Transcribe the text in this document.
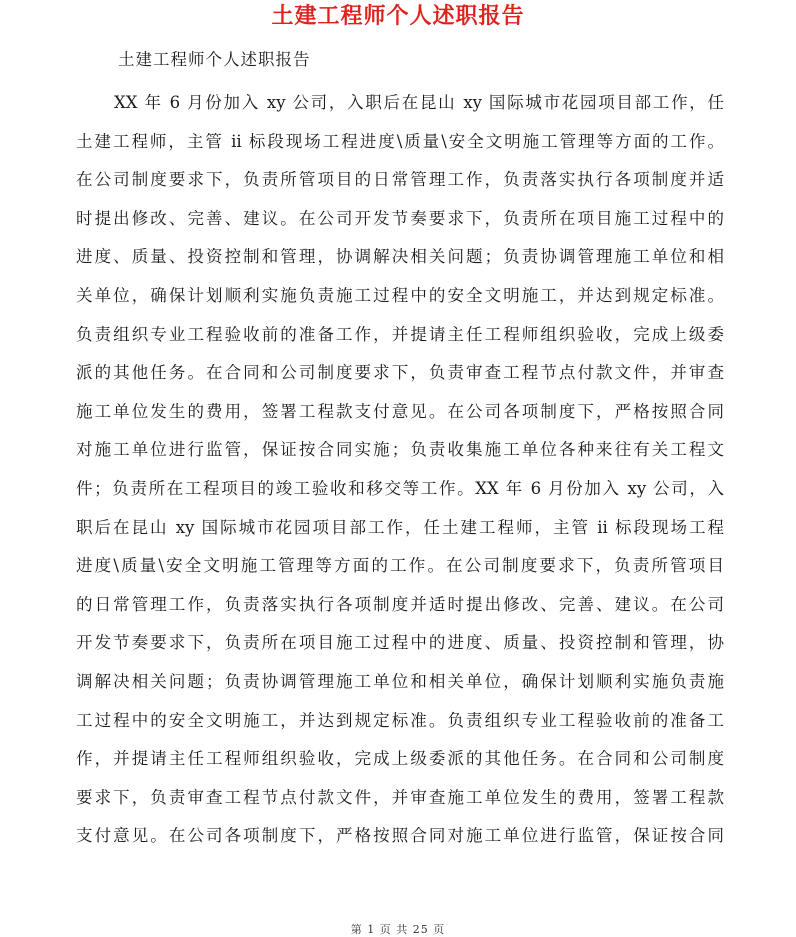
土建工程师个人述职报告
土建工程师个人述职报告
XX 年 6 月份加入 xy 公司，入职后在昆山 xy 国际城市花园项目部工作，任
土建工程师，主管 ii 标段现场工程进度\质量\安全文明施工管理等方面的工作。
在公司制度要求下，负责所管项目的日常管理工作，负责落实执行各项制度并适
时提出修改、完善、建议。在公司开发节奏要求下，负责所在项目施工过程中的
进度、质量、投资控制和管理，协调解决相关问题；负责协调管理施工单位和相
关单位，确保计划顺利实施负责施工过程中的安全文明施工，并达到规定标准。
负责组织专业工程验收前的准备工作，并提请主任工程师组织验收，完成上级委
派的其他任务。在合同和公司制度要求下，负责审查工程节点付款文件，并审查
施工单位发生的费用，签署工程款支付意见。在公司各项制度下，严格按照合同
对施工单位进行监管，保证按合同实施；负责收集施工单位各种来往有关工程文
件；负责所在工程项目的竣工验收和移交等工作。XX 年 6 月份加入 xy 公司，入
职后在昆山 xy 国际城市花园项目部工作，任土建工程师，主管 ii 标段现场工程
进度\质量\安全文明施工管理等方面的工作。在公司制度要求下，负责所管项目
的日常管理工作，负责落实执行各项制度并适时提出修改、完善、建议。在公司
开发节奏要求下，负责所在项目施工过程中的进度、质量、投资控制和管理，协
调解决相关问题；负责协调管理施工单位和相关单位，确保计划顺利实施负责施
工过程中的安全文明施工，并达到规定标准。负责组织专业工程验收前的准备工
作，并提请主任工程师组织验收，完成上级委派的其他任务。在合同和公司制度
要求下，负责审查工程节点付款文件，并审查施工单位发生的费用，签署工程款
支付意见。在公司各项制度下，严格按照合同对施工单位进行监管，保证按合同
第 1 页 共 25 页
